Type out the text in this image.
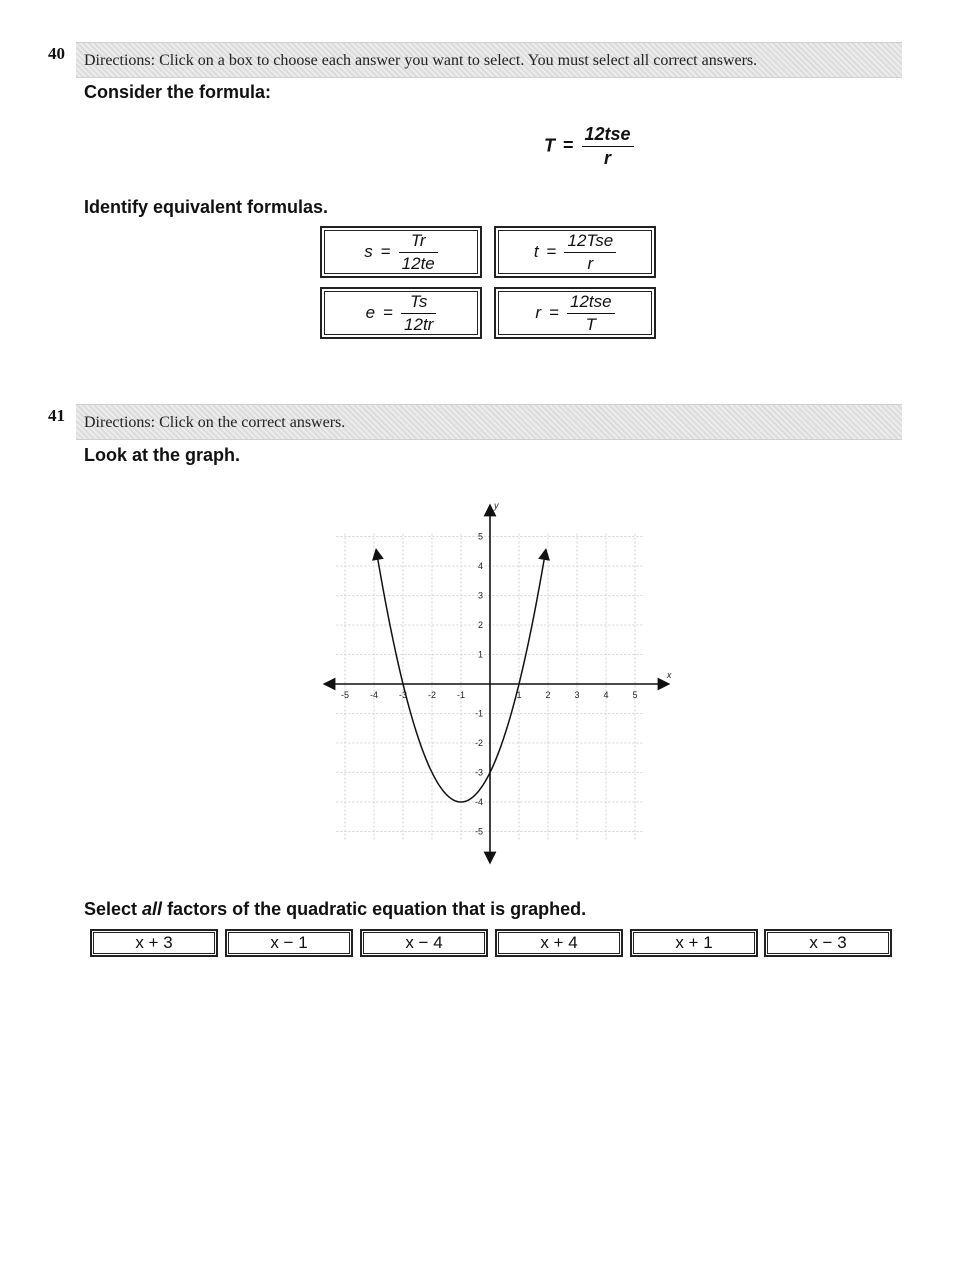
40 Directions: Click on a box to choose each answer you want to select. You must select all correct answers.
Consider the formula:
$T = \frac{\text{12tse}}{r}$
Identify equivalent formulas.
$s = \frac{Tr}{12te}$	$t = \frac{\text{12Tse}}{r}$
$e = \frac{Ts}{12tr}$	$r = \frac{\text{12tse}}{T}$
41 Directions: Click on the correct answers.
Look at the graph.
x
y
-5 -4 -3 -2 -1	1	2	3	4	5
-5
-4
-3
-2
-1
1
2
3
4
5
Select all factors of the quadratic equation that is graphed.
x + 3	x − 1	x − 4	x + 4	x + 1	x − 3
